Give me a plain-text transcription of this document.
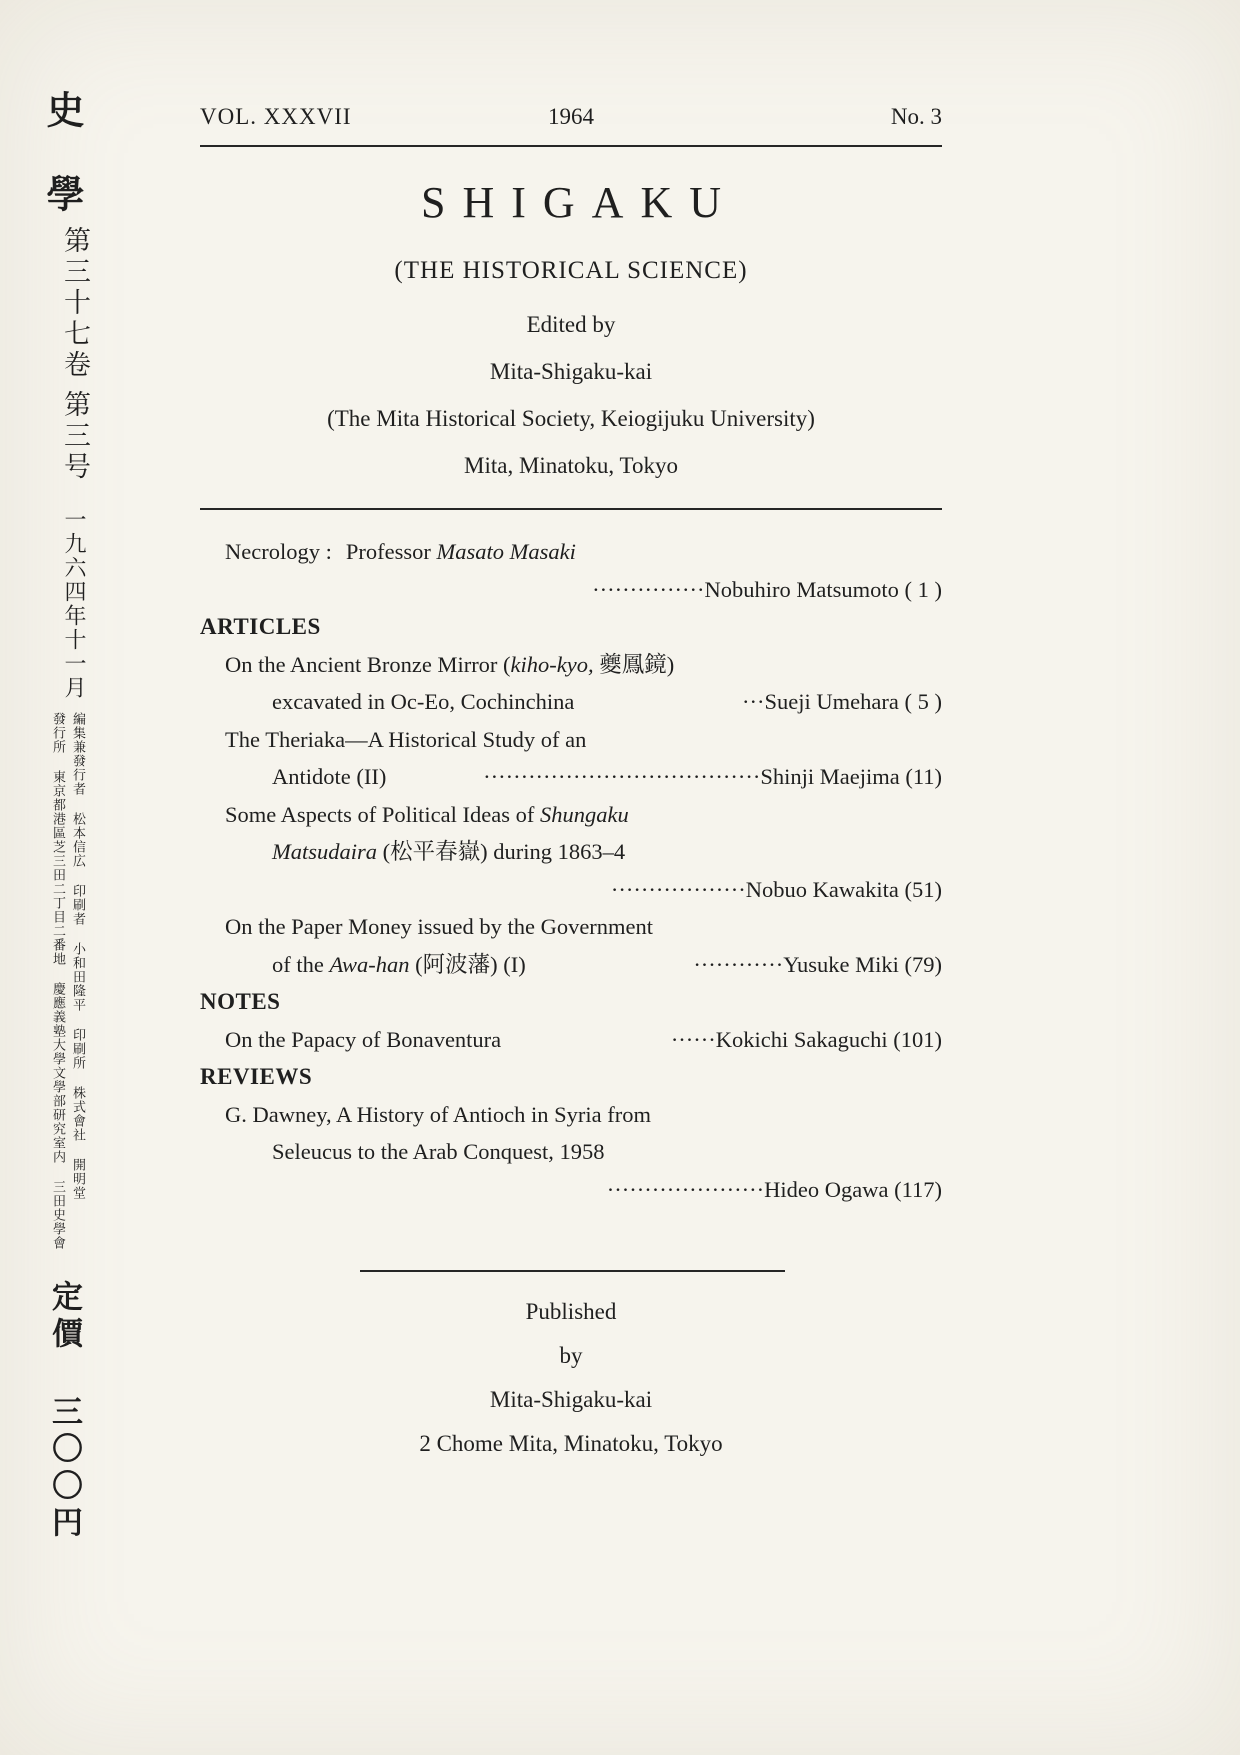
史學
第三十七卷
第三号
一九六四年十一月
編集兼發行者 松本信広 印刷者 小和田隆平 印刷所 株式會社 開明堂
發行所 東京都港區芝三田二丁目二番地 慶應義塾大學文學部研究室内 三田史學會
定價 三〇〇円
VOL. XXXVII	1964	No. 3
SHIGAKU
(THE HISTORICAL SCIENCE)
Edited by
Mita-Shigaku-kai
(The Mita Historical Society, Keiogijuku University)
Mita, Minatoku, Tokyo
Necrology : Professor Masato Masaki
···············Nobuhiro Matsumoto ( 1 )
ARTICLES
On the Ancient Bronze Mirror (kiho-kyo, 夔鳳鏡)
excavated in Oc-Eo, Cochinchina	···Sueji Umehara ( 5 )
The Theriaka—A Historical Study of an
Antidote (II)	·····································Shinji Maejima (11)
Some Aspects of Political Ideas of Shungaku
Matsudaira (松平春嶽) during 1863–4
··················Nobuo Kawakita (51)
On the Paper Money issued by the Government
of the Awa-han (阿波藩) (I)	············Yusuke Miki (79)
NOTES
On the Papacy of Bonaventura	······Kokichi Sakaguchi (101)
REVIEWS
G. Dawney, A History of Antioch in Syria from
Seleucus to the Arab Conquest, 1958
·····················Hideo Ogawa (117)
Published
by
Mita-Shigaku-kai
2 Chome Mita, Minatoku, Tokyo
